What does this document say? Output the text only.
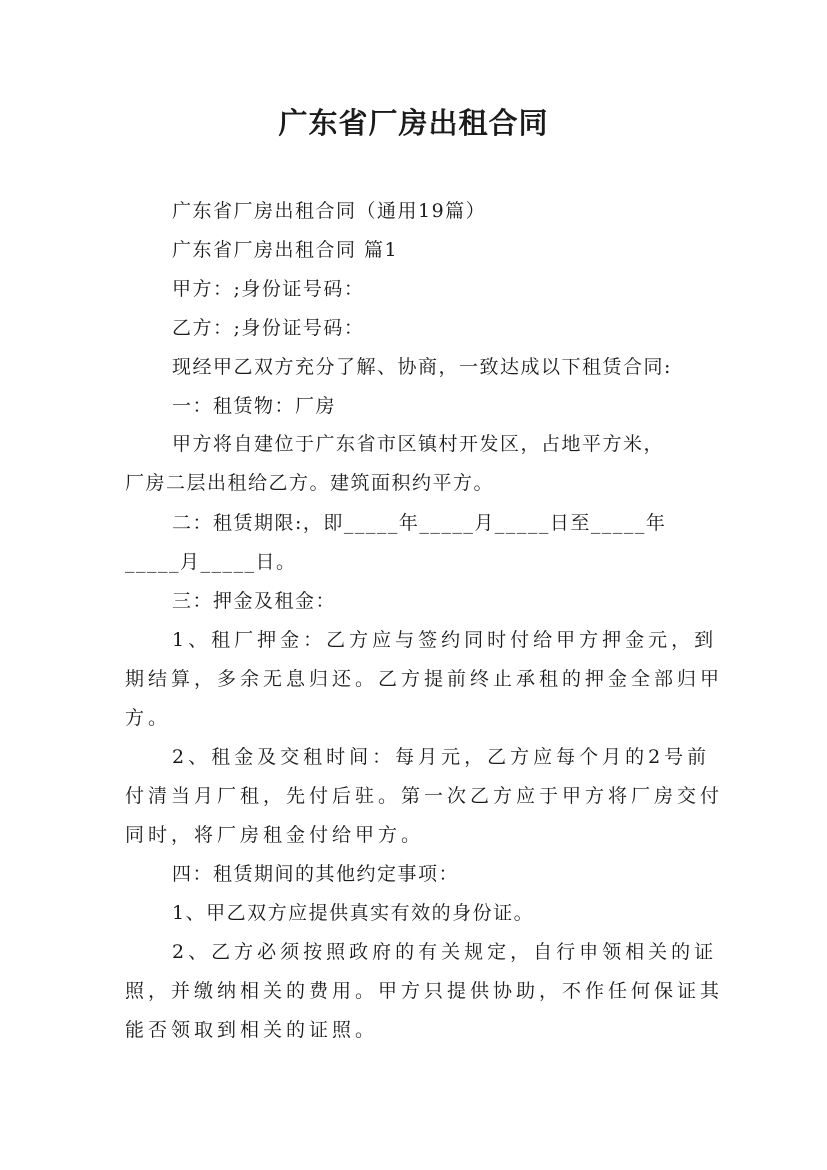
广东省厂房出租合同
广东省厂房出租合同（通用19篇）
广东省厂房出租合同 篇1
甲方：;身份证号码：
乙方：;身份证号码：
现经甲乙双方充分了解、协商，一致达成以下租赁合同:
一：租赁物：厂房
甲方将自建位于广东省市区镇村开发区，占地平方米，
厂房二层出租给乙方。建筑面积约平方。
二：租赁期限:，即_____年_____月_____日至_____年
_____月_____日。
三：押金及租金：
1、租厂押金：乙方应与签约同时付给甲方押金元，到
期结算，多余无息归还。乙方提前终止承租的押金全部归甲
方。
2、租金及交租时间：每月元，乙方应每个月的2号前
付清当月厂租，先付后驻。第一次乙方应于甲方将厂房交付
同时，将厂房租金付给甲方。
四：租赁期间的其他约定事项：
1、甲乙双方应提供真实有效的身份证。
2、乙方必须按照政府的有关规定，自行申领相关的证
照，并缴纳相关的费用。甲方只提供协助，不作任何保证其
能否领取到相关的证照。
